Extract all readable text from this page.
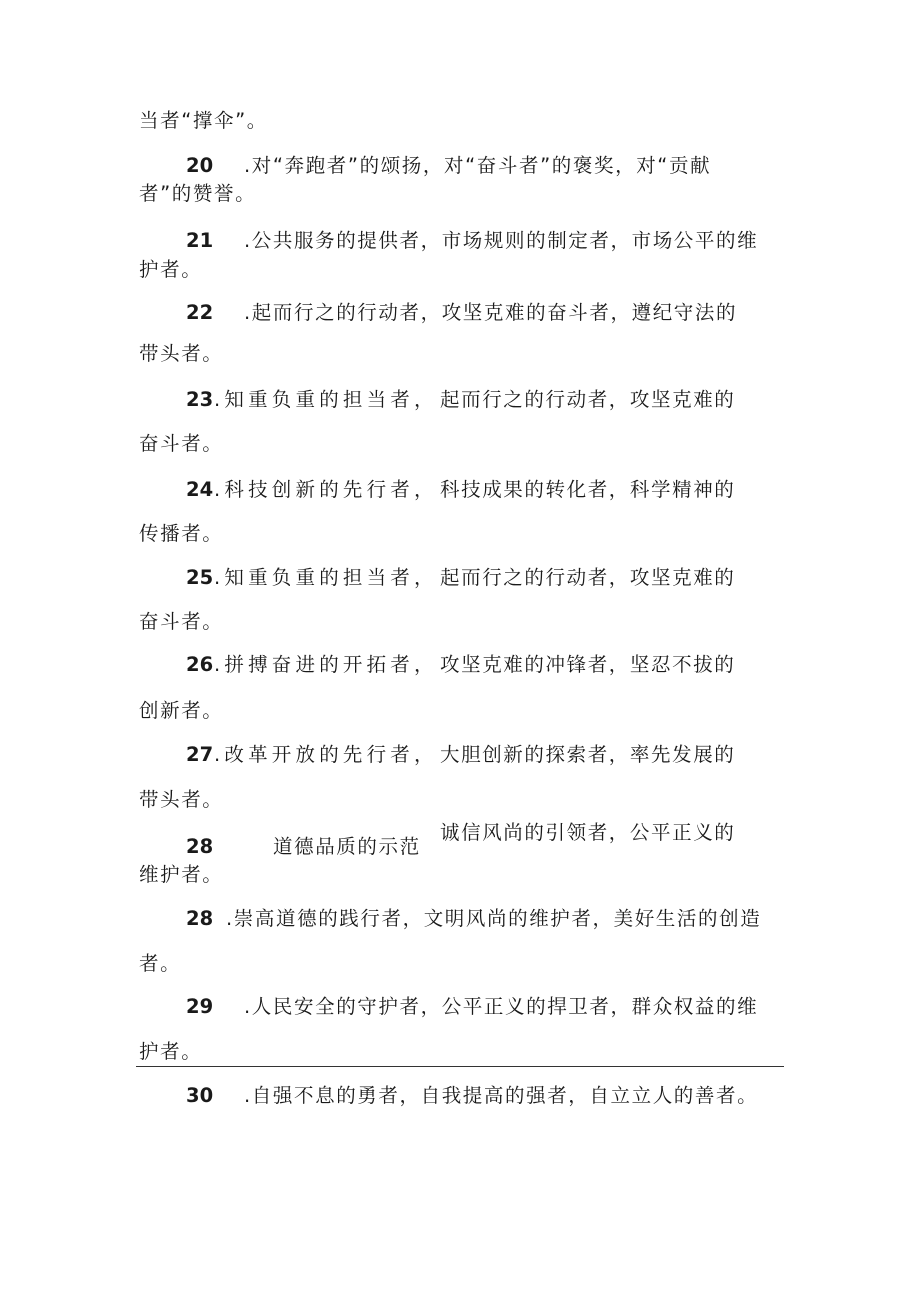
当者“撑伞”。
20 .对“奔跑者”的颂扬，对“奋斗者”的褒奖，对“贡献
者”的赞誉。
21 .公共服务的提供者，市场规则的制定者，市场公平的维
护者。
22 .起而行之的行动者，攻坚克难的奋斗者，遵纪守法的
带头者。
23 .知重负重的担当者， 起而行之的行动者，攻坚克难的
奋斗者。
24 .科技创新的先行者， 科技成果的转化者，科学精神的
传播者。
25 .知重负重的担当者， 起而行之的行动者，攻坚克难的
奋斗者。
26 .拼搏奋进的开拓者， 攻坚克难的冲锋者，坚忍不拔的
创新者。
27 .改革开放的先行者， 大胆创新的探索者，率先发展的
带头者。
28	道德品质的示范
诚信风尚的引领者，公平正义的
维护者。
28 .崇高道德的践行者，文明风尚的维护者，美好生活的创造
者。
29 .人民安全的守护者，公平正义的捍卫者，群众权益的维
护者。
30 .自强不息的勇者，自我提高的强者，自立立人的善者。
